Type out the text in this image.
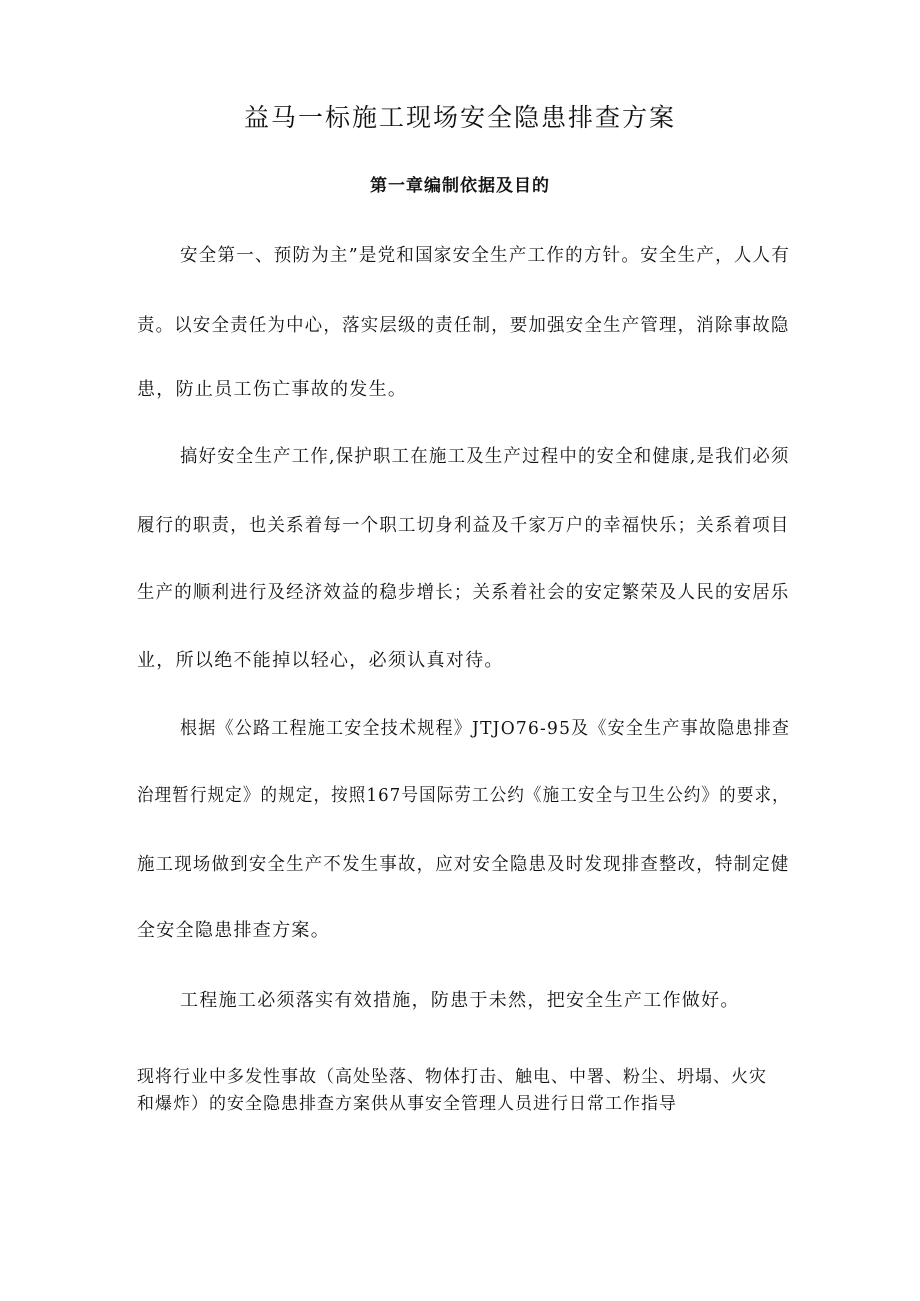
益马一标施工现场安全隐患排查方案
第一章编制依据及目的
安全第一、预防为主”是党和国家安全生产工作的方针。安全生产，人人有
责。以安全责任为中心，落实层级的责任制，要加强安全生产管理，消除事故隐
患，防止员工伤亡事故的发生。
搞好安全生产工作,保护职工在施工及生产过程中的安全和健康,是我们必须
履行的职责，也关系着每一个职工切身利益及千家万户的幸福快乐；关系着项目
生产的顺利进行及经济效益的稳步增长；关系着社会的安定繁荣及人民的安居乐
业，所以绝不能掉以轻心，必须认真对待。
根据《公路工程施工安全技术规程》JTJO76-95及《安全生产事故隐患排查
治理暂行规定》的规定，按照167号国际劳工公约《施工安全与卫生公约》的要求，
施工现场做到安全生产不发生事故，应对安全隐患及时发现排查整改，特制定健
全安全隐患排查方案。
工程施工必须落实有效措施，防患于未然，把安全生产工作做好。
现将行业中多发性事故（高处坠落、物体打击、触电、中署、粉尘、坍塌、火灾
和爆炸）的安全隐患排查方案供从事安全管理人员进行日常工作指导
